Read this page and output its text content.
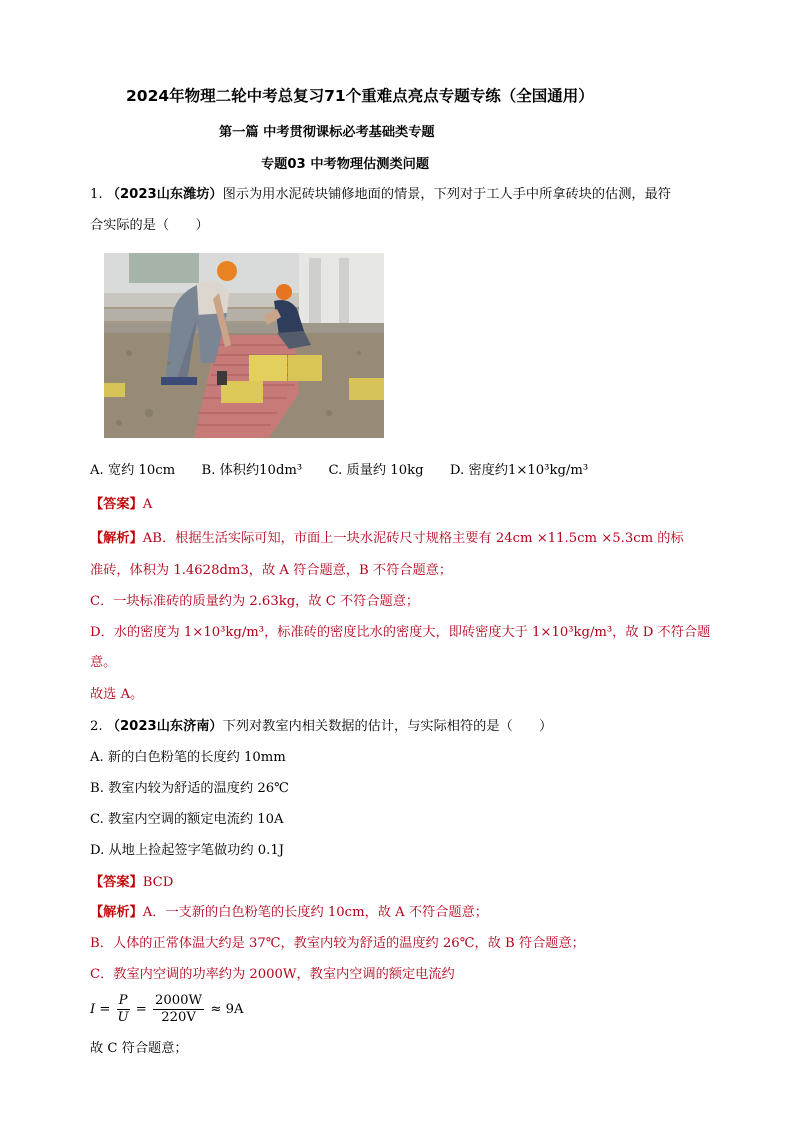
2024年物理二轮中考总复习71个重难点亮点专题专练（全国通用）
第一篇 中考贯彻课标必考基础类专题
专题03 中考物理估测类问题
1. （2023山东潍坊）图示为用水泥砖块铺修地面的情景，下列对于工人手中所拿砖块的估测，最符
合实际的是（　　）
A. 宽约 10cm　　B. 体积约10dm³　　C. 质量约 10kg　　D. 密度约1×10³kg/m³
【答案】A
【解析】AB．根据生活实际可知，市面上一块水泥砖尺寸规格主要有 24cm ×11.5cm ×5.3cm 的标
准砖，体积为 1.4628dm3，故 A 符合题意，B 不符合题意；
C．一块标准砖的质量约为 2.63kg，故 C 不符合题意；
D．水的密度为 1×10³kg/m³，标准砖的密度比水的密度大，即砖密度大于 1×10³kg/m³，故 D 不符合题
意。
故选 A。
2. （2023山东济南）下列对教室内相关数据的估计，与实际相符的是（　　）
A. 新的白色粉笔的长度约 10mm
B. 教室内较为舒适的温度约 26℃
C. 教室内空调的额定电流约 10A
D. 从地上捡起签字笔做功约 0.1J
【答案】BCD
【解析】A．一支新的白色粉笔的长度约 10cm，故 A 不符合题意；
B．人体的正常体温大约是 37℃，教室内较为舒适的温度约 26℃，故 B 符合题意；
C．教室内空调的功率约为 2000W，教室内空调的额定电流约
$I = \frac{P}{U} = \frac{2000W}{220V} \approx 9A$
故 C 符合题意；
